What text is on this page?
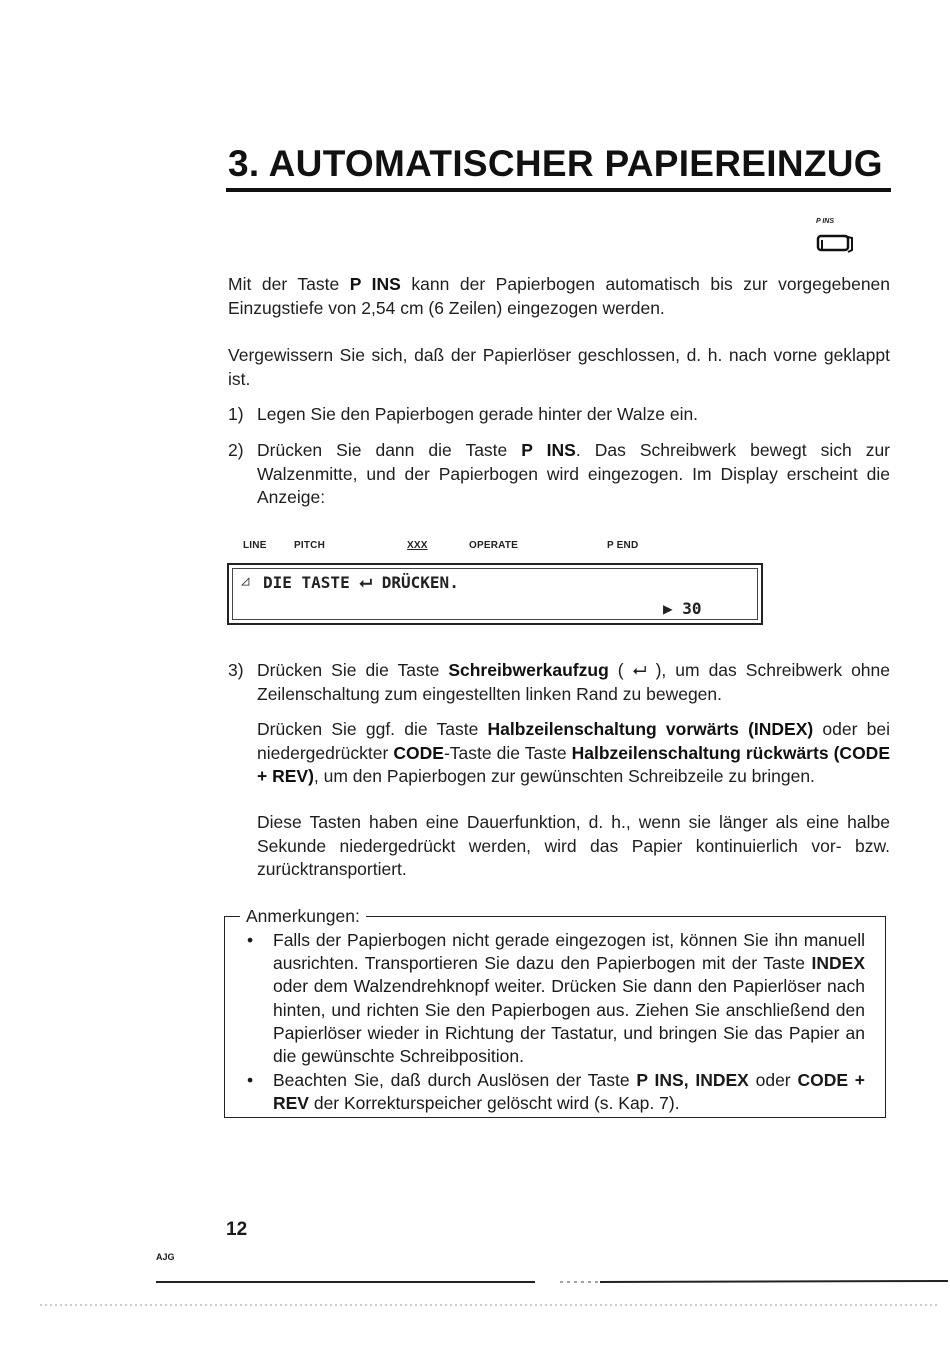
3. AUTOMATISCHER PAPIEREINZUG
P INS
Mit der Taste P INS kann der Papierbogen automatisch bis zur vorgegebenen Einzugstiefe von 2,54 cm (6 Zeilen) eingezogen werden.
Vergewissern Sie sich, daß der Papierlöser geschlossen, d. h. nach vorne geklappt ist.
1) Legen Sie den Papierbogen gerade hinter der Walze ein.
2) Drücken Sie dann die Taste P INS. Das Schreibwerk bewegt sich zur Walzenmitte, und der Papierbogen wird eingezogen. Im Display erscheint die Anzeige:
LINE	PITCH	XXX	OPERATE	P END
◿ DIE TASTE ⮠ DRÜCKEN.
▶ 30
3) Drücken Sie die Taste Schreibwerkaufzug ( ⮠ ), um das Schreibwerk ohne Zeilenschaltung zum eingestellten linken Rand zu bewegen.
Drücken Sie ggf. die Taste Halbzeilenschaltung vorwärts (INDEX) oder bei niedergedrückter CODE-Taste die Taste Halbzeilenschaltung rückwärts (CODE + REV), um den Papierbogen zur gewünschten Schreibzeile zu bringen.
Diese Tasten haben eine Dauerfunktion, d. h., wenn sie länger als eine halbe Sekunde niedergedrückt werden, wird das Papier kontinuierlich vor- bzw. zurücktransportiert.
Anmerkungen:
• Falls der Papierbogen nicht gerade eingezogen ist, können Sie ihn manuell ausrichten. Transportieren Sie dazu den Papierbogen mit der Taste INDEX oder dem Walzendrehknopf weiter. Drücken Sie dann den Papierlöser nach hinten, und richten Sie den Papierbogen aus. Ziehen Sie anschließend den Papierlöser wieder in Richtung der Tastatur, und bringen Sie das Papier an die gewünschte Schreibposition.
• Beachten Sie, daß durch Auslösen der Taste P INS, INDEX oder CODE + REV der Korrekturspeicher gelöscht wird (s. Kap. 7).
12
AJG
